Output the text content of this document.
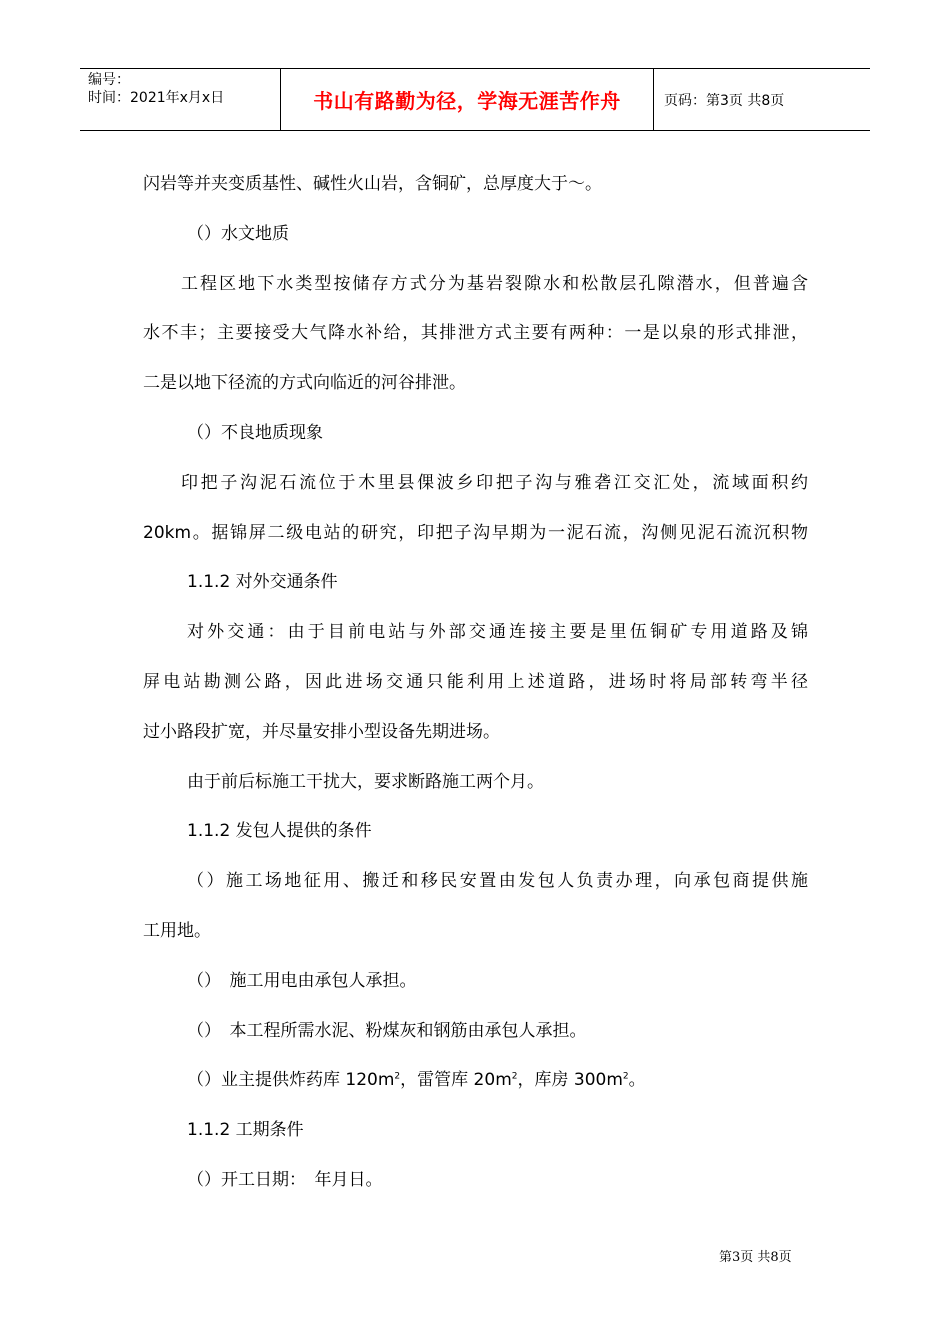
编号：
时间：2021年x月x日	书山有路勤为径，学海无涯苦作舟	页码：第3页 共8页
闪岩等并夹变质基性、碱性火山岩，含铜矿，总厚度大于～。
（）水文地质
工程区地下水类型按储存方式分为基岩裂隙水和松散层孔隙潜水，但普遍含
水不丰；主要接受大气降水补给，其排泄方式主要有两种：一是以泉的形式排泄，
二是以地下径流的方式向临近的河谷排泄。
（）不良地质现象
印把子沟泥石流位于木里县倮波乡印把子沟与雅砻江交汇处，流域面积约
20km。据锦屏二级电站的研究，印把子沟早期为一泥石流，沟侧见泥石流沉积物
1.1.2 对外交通条件
对外交通：由于目前电站与外部交通连接主要是里伍铜矿专用道路及锦
屏电站勘测公路，因此进场交通只能利用上述道路，进场时将局部转弯半径
过小路段扩宽，并尽量安排小型设备先期进场。
由于前后标施工干扰大，要求断路施工两个月。
1.1.2 发包人提供的条件
（）施工场地征用、搬迁和移民安置由发包人负责办理，向承包商提供施
工用地。
（）　施工用电由承包人承担。
（）　本工程所需水泥、粉煤灰和钢筋由承包人承担。
（）业主提供炸药库 $120m^2$，雷管库 $20m^2$，库房 $300m^2$。
1.1.2 工期条件
（）开工日期：　年月日。
第3页 共8页
